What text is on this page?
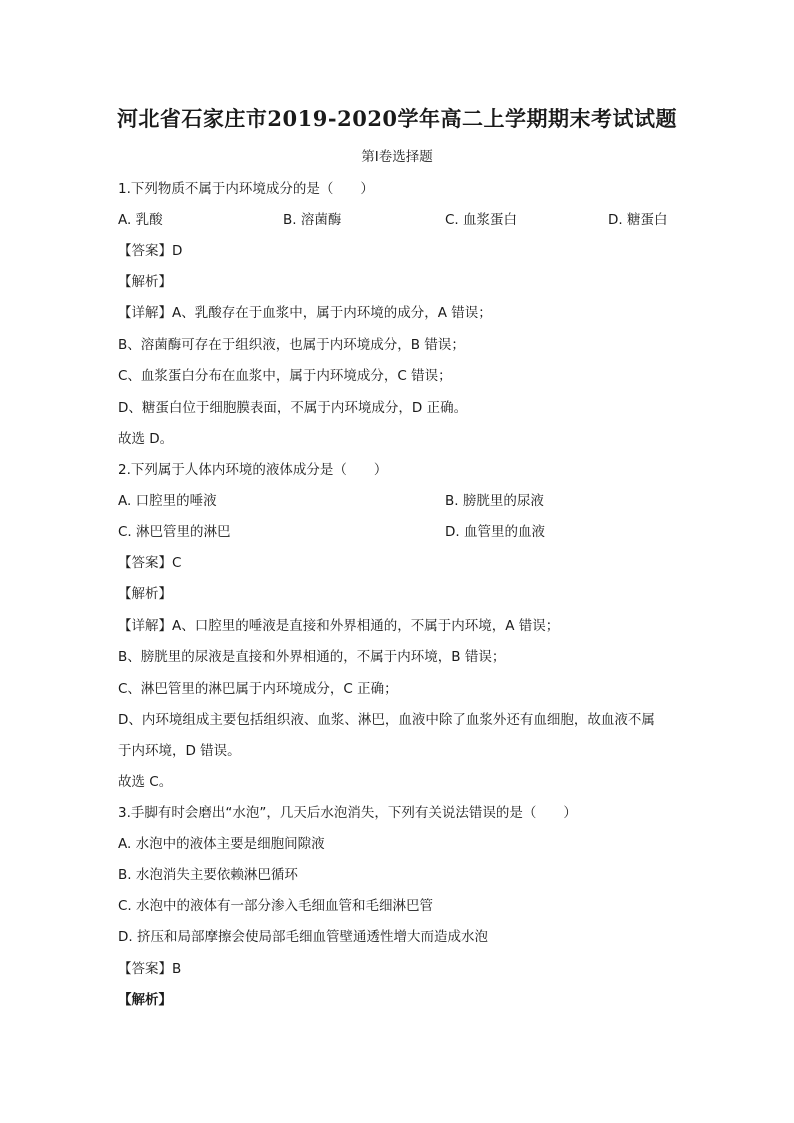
河北省石家庄市2019-2020学年高二上学期期末考试试题
第Ⅰ卷选择题
1.下列物质不属于内环境成分的是（　　）
A. 乳酸	B. 溶菌酶	C. 血浆蛋白	D. 糖蛋白
【答案】D
【解析】
【详解】A、乳酸存在于血浆中，属于内环境的成分，A 错误；
B、溶菌酶可存在于组织液，也属于内环境成分，B 错误；
C、血浆蛋白分布在血浆中，属于内环境成分，C 错误；
D、糖蛋白位于细胞膜表面，不属于内环境成分，D 正确。
故选 D。
2.下列属于人体内环境的液体成分是（　　）
A. 口腔里的唾液	B. 膀胱里的尿液
C. 淋巴管里的淋巴	D. 血管里的血液
【答案】C
【解析】
【详解】A、口腔里的唾液是直接和外界相通的，不属于内环境，A 错误；
B、膀胱里的尿液是直接和外界相通的，不属于内环境，B 错误；
C、淋巴管里的淋巴属于内环境成分，C 正确；
D、内环境组成主要包括组织液、血浆、淋巴，血液中除了血浆外还有血细胞，故血液不属
于内环境，D 错误。
故选 C。
3.手脚有时会磨出“水泡”，几天后水泡消失，下列有关说法错误的是（　　）
A. 水泡中的液体主要是细胞间隙液
B. 水泡消失主要依赖淋巴循环
C. 水泡中的液体有一部分渗入毛细血管和毛细淋巴管
D. 挤压和局部摩擦会使局部毛细血管壁通透性增大而造成水泡
【答案】B
【解析】
